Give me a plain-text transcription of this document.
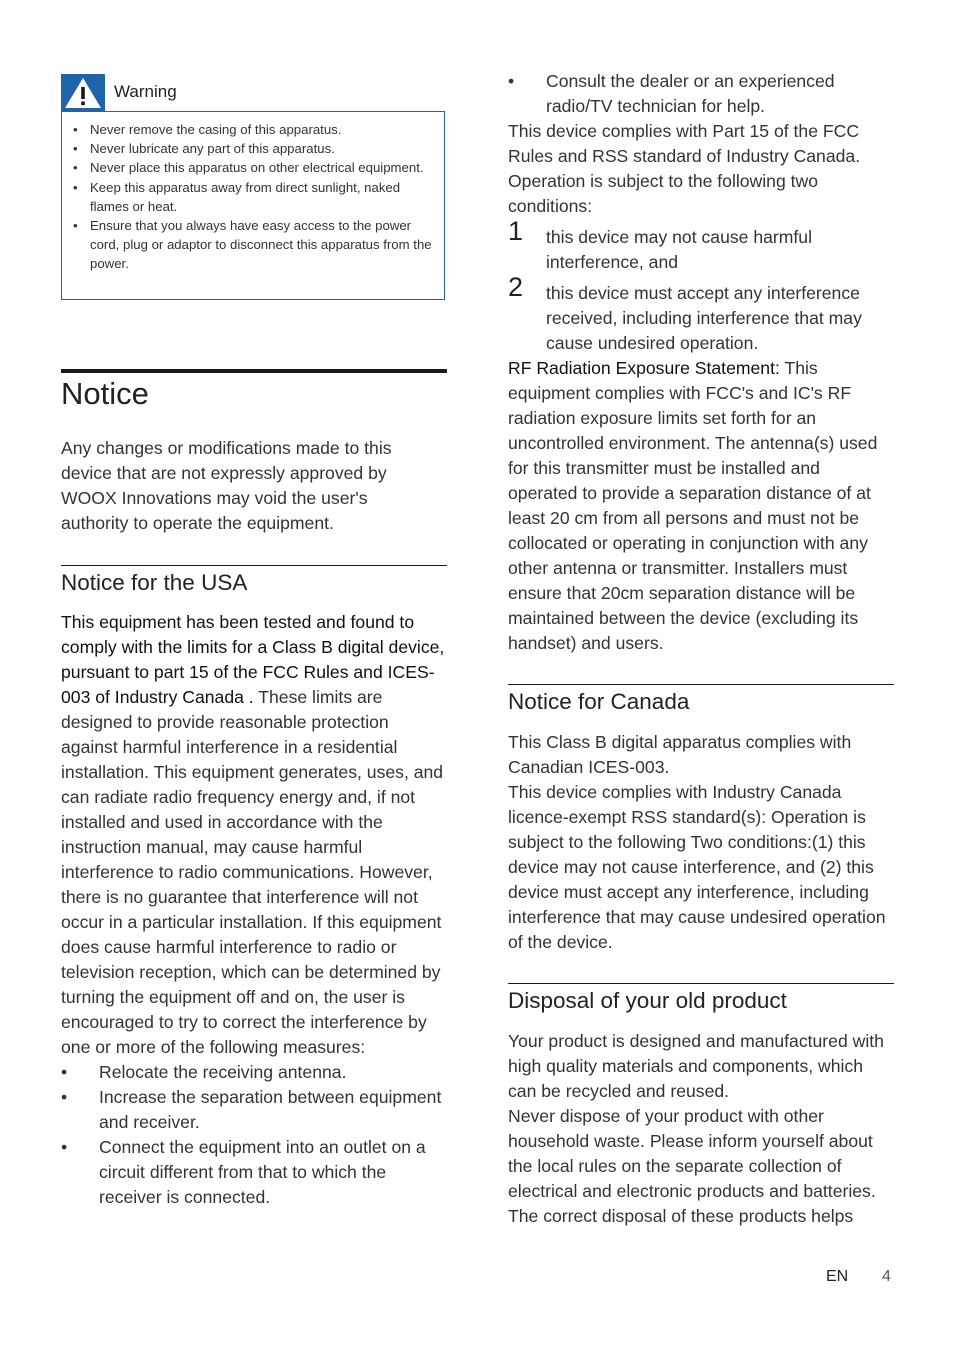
Warning
• Never remove the casing of this apparatus.
• Never lubricate any part of this apparatus.
• Never place this apparatus on other electrical equipment.
• Keep this apparatus away from direct sunlight, naked flames or heat.
• Ensure that you always have easy access to the power cord, plug or adaptor to disconnect this apparatus from the power.
Notice
Any changes or modifications made to this device that are not expressly approved by WOOX Innovations may void the user's authority to operate the equipment.
Notice for the USA

This equipment has been tested and found to comply with the limits for a Class B digital device, pursuant to part 15 of the FCC Rules and ICES-003 of Industry Canada . These limits are designed to provide reasonable protection against harmful interference in a residential installation. This equipment generates, uses, and can radiate radio frequency energy and, if not installed and used in accordance with the instruction manual, may cause harmful interference to radio communications. However, there is no guarantee that interference will not occur in a particular installation. If this equipment does cause harmful interference to radio or television reception, which can be determined by turning the equipment off and on, the user is encouraged to try to correct the interference by one or more of the following measures:

• Relocate the receiving antenna.
• Increase the separation between equipment and receiver.
• Connect the equipment into an outlet on a circuit different from that to which the receiver is connected.
• Consult the dealer or an experienced radio/TV technician for help.

This device complies with Part 15 of the FCC Rules and RSS standard of Industry Canada. Operation is subject to the following two conditions:

1 this device may not cause harmful interference, and
2 this device must accept any interference received, including interference that may cause undesired operation.

RF Radiation Exposure Statement: This equipment complies with FCC's and IC's RF radiation exposure limits set forth for an uncontrolled environment. The antenna(s) used for this transmitter must be installed and operated to provide a separation distance of at least 20 cm from all persons and must not be collocated or operating in conjunction with any other antenna or transmitter. Installers must ensure that 20cm separation distance will be maintained between the device (excluding its handset) and users.

Notice for Canada

This Class B digital apparatus complies with Canadian ICES-003.

This device complies with Industry Canada licence-exempt RSS standard(s): Operation is subject to the following Two conditions:(1) this device may not cause interference, and (2) this device must accept any interference, including interference that may cause undesired operation of the device.

Disposal of your old product

Your product is designed and manufactured with high quality materials and components, which can be recycled and reused.

Never dispose of your product with other household waste. Please inform yourself about the local rules on the separate collection of electrical and electronic products and batteries. The correct disposal of these products helps

EN 4
